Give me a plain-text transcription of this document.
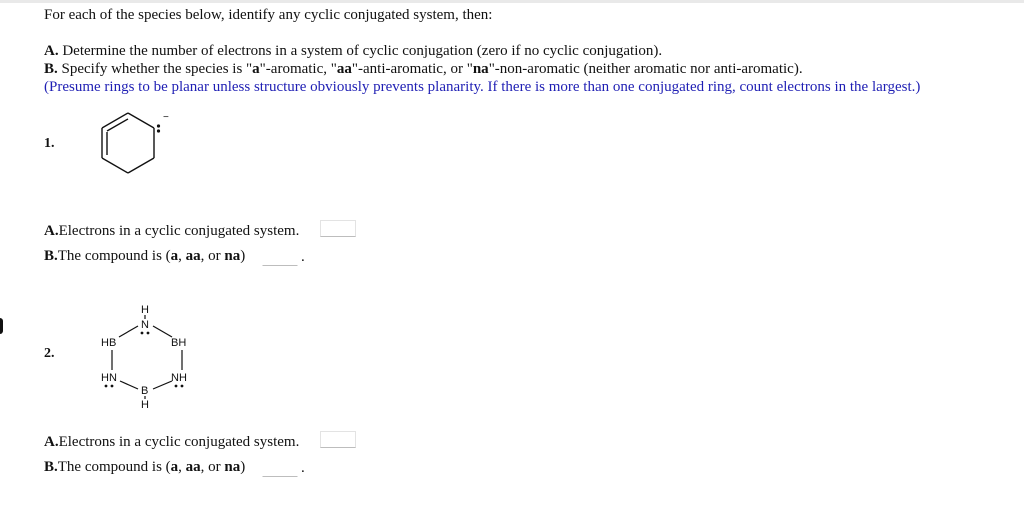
For each of the species below, identify any cyclic conjugated system, then:
A. Determine the number of electrons in a system of cyclic conjugation (zero if no cyclic conjugation).
B. Specify whether the species is "a"-aromatic, "aa"-anti-aromatic, or "na"-non-aromatic (neither aromatic nor anti-aromatic).
(Presume rings to be planar unless structure obviously prevents planarity. If there is more than one conjugated ring, count electrons in the largest.)
1.
−
A.Electrons in a cyclic conjugated system.
B.The compound is (a, aa, or na)	.
2.
H
N
HB	BH
HN	NH
B
H
A.Electrons in a cyclic conjugated system.
B.The compound is (a, aa, or na)	.
